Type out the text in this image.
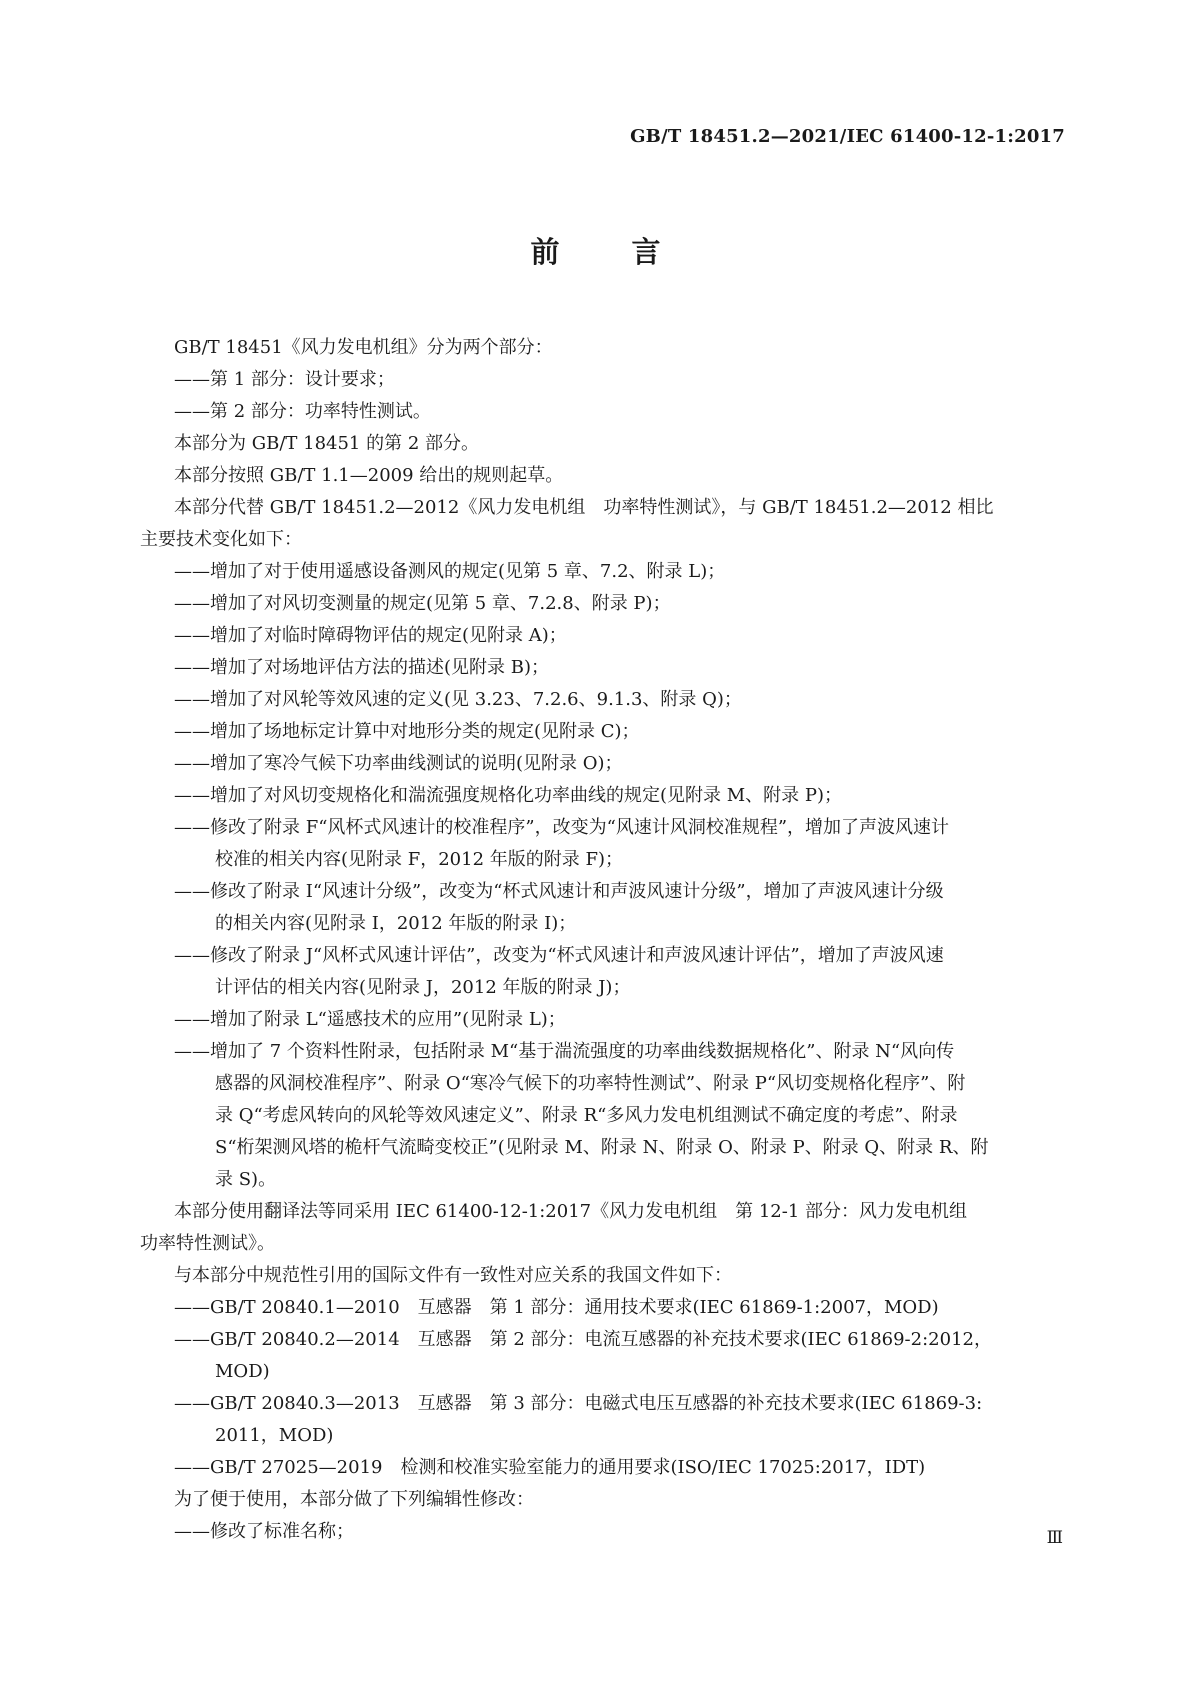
GB/T 18451.2—2021/IEC 61400-12-1:2017
前 言
GB/T 18451《风力发电机组》分为两个部分：
——第 1 部分：设计要求；
——第 2 部分：功率特性测试。
本部分为 GB/T 18451 的第 2 部分。
本部分按照 GB/T 1.1—2009 给出的规则起草。
本部分代替 GB/T 18451.2—2012《风力发电机组　功率特性测试》，与 GB/T 18451.2—2012 相比
主要技术变化如下：
——增加了对于使用遥感设备测风的规定(见第 5 章、7.2、附录 L)；
——增加了对风切变测量的规定(见第 5 章、7.2.8、附录 P)；
——增加了对临时障碍物评估的规定(见附录 A)；
——增加了对场地评估方法的描述(见附录 B)；
——增加了对风轮等效风速的定义(见 3.23、7.2.6、9.1.3、附录 Q)；
——增加了场地标定计算中对地形分类的规定(见附录 C)；
——增加了寒冷气候下功率曲线测试的说明(见附录 O)；
——增加了对风切变规格化和湍流强度规格化功率曲线的规定(见附录 M、附录 P)；
——修改了附录 F“风杯式风速计的校准程序”，改变为“风速计风洞校准规程”，增加了声波风速计
校准的相关内容(见附录 F，2012 年版的附录 F)；
——修改了附录 I“风速计分级”，改变为“杯式风速计和声波风速计分级”，增加了声波风速计分级
的相关内容(见附录 I，2012 年版的附录 I)；
——修改了附录 J“风杯式风速计评估”，改变为“杯式风速计和声波风速计评估”，增加了声波风速
计评估的相关内容(见附录 J，2012 年版的附录 J)；
——增加了附录 L“遥感技术的应用”(见附录 L)；
——增加了 7 个资料性附录，包括附录 M“基于湍流强度的功率曲线数据规格化”、附录 N“风向传
感器的风洞校准程序”、附录 O“寒冷气候下的功率特性测试”、附录 P“风切变规格化程序”、附
录 Q“考虑风转向的风轮等效风速定义”、附录 R“多风力发电机组测试不确定度的考虑”、附录
S“桁架测风塔的桅杆气流畸变校正”(见附录 M、附录 N、附录 O、附录 P、附录 Q、附录 R、附
录 S)。
本部分使用翻译法等同采用 IEC 61400-12-1:2017《风力发电机组　第 12-1 部分：风力发电机组
功率特性测试》。
与本部分中规范性引用的国际文件有一致性对应关系的我国文件如下：
——GB/T 20840.1—2010　互感器　第 1 部分：通用技术要求(IEC 61869-1:2007，MOD)
——GB/T 20840.2—2014　互感器　第 2 部分：电流互感器的补充技术要求(IEC 61869-2:2012，
MOD)
——GB/T 20840.3—2013　互感器　第 3 部分：电磁式电压互感器的补充技术要求(IEC 61869-3:
2011，MOD)
——GB/T 27025—2019　检测和校准实验室能力的通用要求(ISO/IEC 17025:2017，IDT)
为了便于使用，本部分做了下列编辑性修改：
——修改了标准名称；	Ⅲ
